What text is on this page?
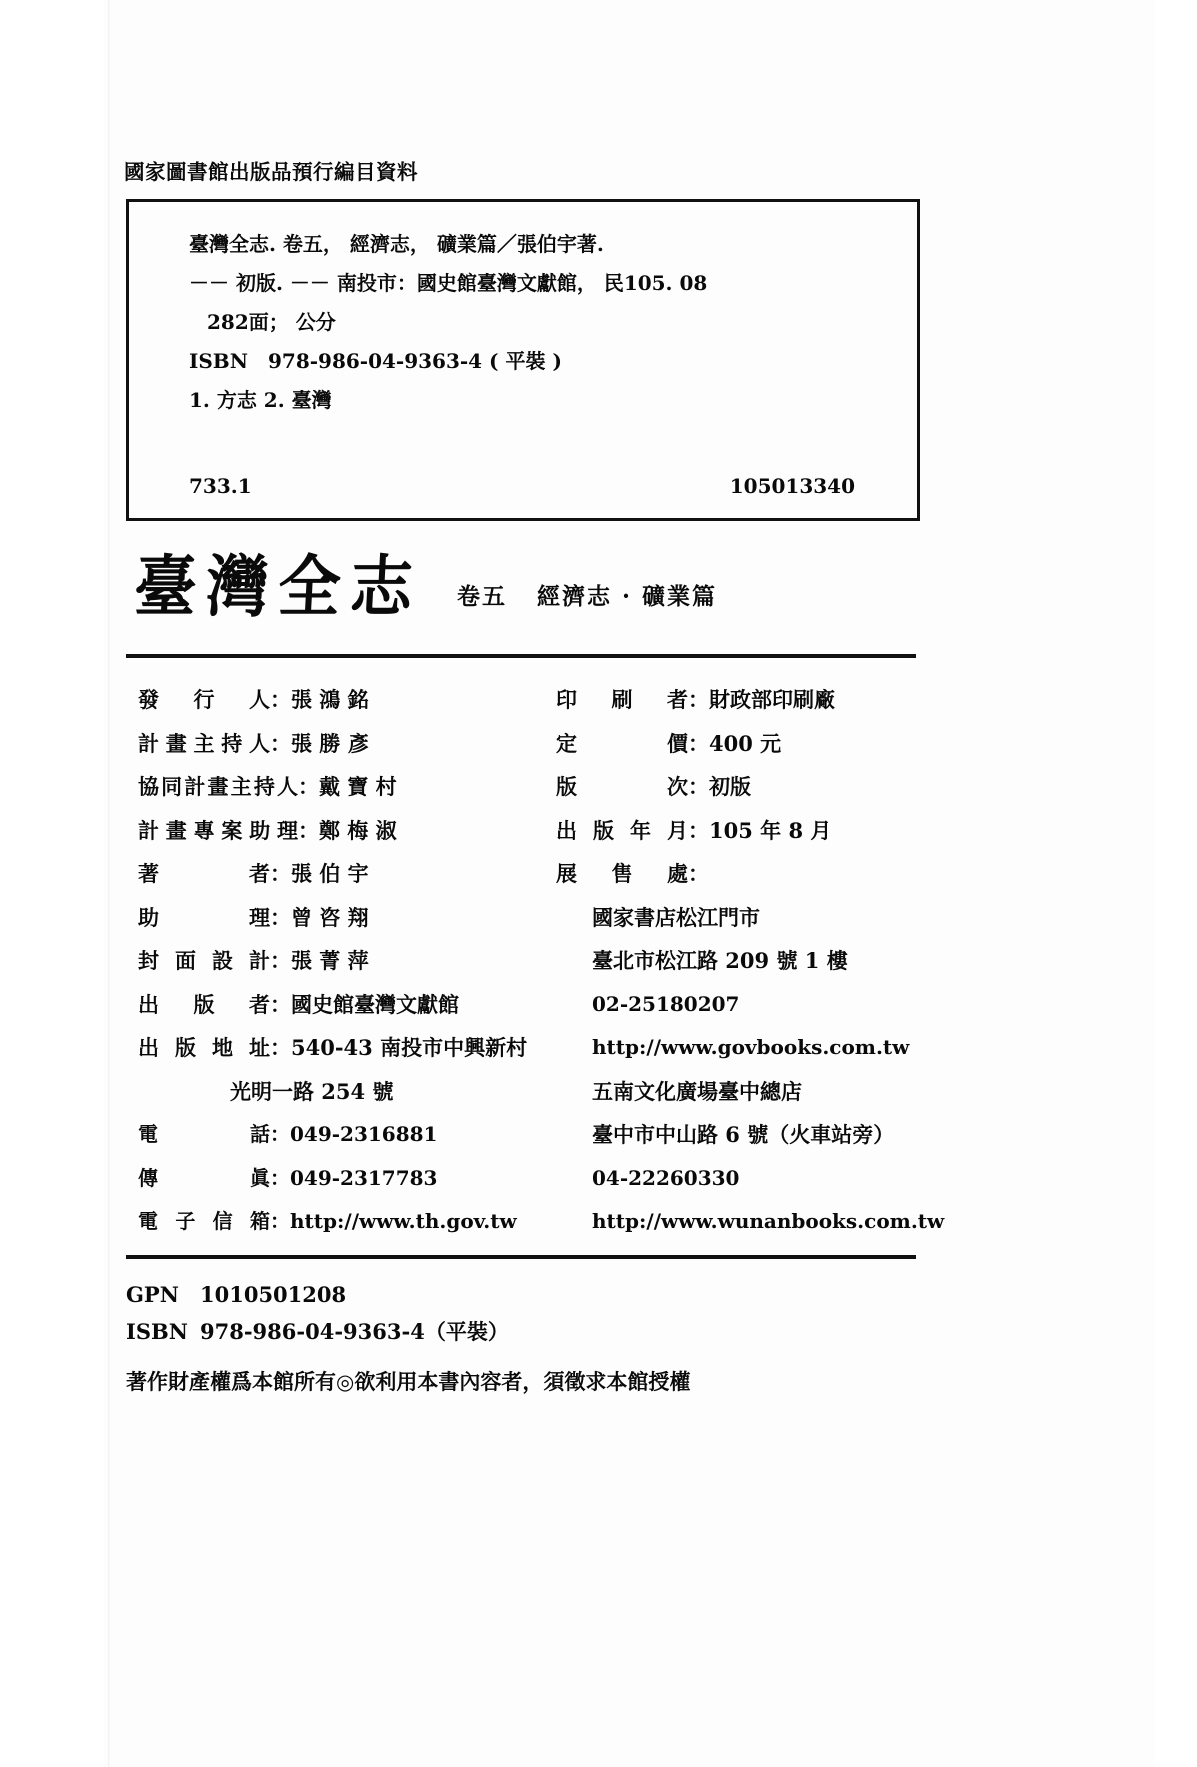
國家圖書館出版品預行編目資料
臺灣全志. 卷五， 經濟志， 礦業篇／張伯宇著.
－－ 初版. －－ 南投市：國史館臺灣文獻館， 民105. 08
282面； 公分
ISBN　978-986-04-9363-4 ( 平裝 )
1. 方志 2. 臺灣
733.1	105013340
臺灣全志 卷五 經濟志 · 礦業篇
發 行 人：張 鴻 銘
計畫主持人：張 勝 彥
協同計畫主持人：戴 寶 村
計畫專案助理：鄭 梅 淑
著 者：張 伯 宇
助 理：曾 咨 翔
封 面 設 計：張 菁 萍
出 版 者：國史館臺灣文獻館
出 版 地 址：540-43 南投市中興新村
光明一路 254 號
電 話：049-2316881
傳 眞：049-2317783
電 子 信 箱：http://www.th.gov.tw
印 刷 者：財政部印刷廠
定 價：400 元
版 次：初版
出 版 年 月：105 年 8 月
展 售 處：
國家書店松江門市
臺北市松江路 209 號 1 樓
02-25180207
http://www.govbooks.com.tw
五南文化廣場臺中總店
臺中市中山路 6 號（火車站旁）
04-22260330
http://www.wunanbooks.com.tw
GPN 1010501208
ISBN 978-986-04-9363-4（平裝）
著作財產權爲本館所有◎欲利用本書內容者，須徵求本館授權
